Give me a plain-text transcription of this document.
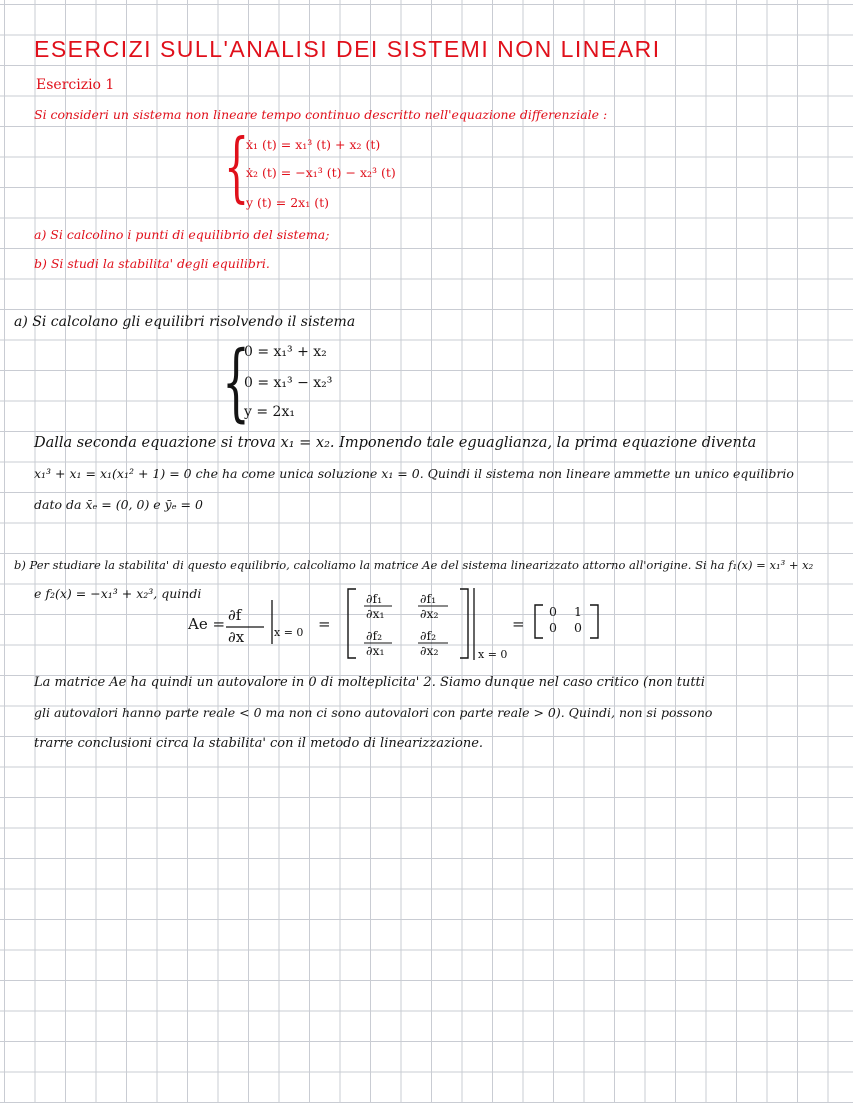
ESERCIZI SULL'ANALISI DEI SISTEMI NON LINEARI
Esercizio 1
Si consideri un sistema non lineare tempo continuo descritto nell'equazione differenziale :
{
ẋ₁ (t) = x₁³ (t) + x₂ (t)
ẋ₂ (t) = −x₁³ (t) − x₂³ (t)
y (t) = 2x₁ (t)
a) Si calcolino i punti di equilibrio del sistema;
b) Si studi la stabilita' degli equilibri.
a) Si calcolano gli equilibri risolvendo il sistema
{
0 = x₁³ + x₂
0 = x₁³ − x₂³
y = 2x₁
Dalla seconda equazione si trova x₁ = x₂. Imponendo tale eguaglianza, la prima equazione diventa
x₁³ + x₁ = x₁(x₁² + 1) = 0 che ha come unica soluzione x₁ = 0. Quindi il sistema non lineare ammette un unico equilibrio
dato da x̄ₑ = (0, 0) e ȳₑ = 0
b) Per studiare la stabilita' di questo equilibrio, calcoliamo la matrice Ae del sistema linearizzato attorno all'origine. Si ha f₁(x) = x₁³ + x₂
e f₂(x) = −x₁³ + x₂³, quindi
Ae = ∂f
∂x	x = 0 =
x = 0
∂f₁
∂x₁
∂f₁
∂x₂
∂f₂
∂x₁
∂f₂
∂x₂
=
0 1
0 0
La matrice Ae ha quindi un autovalore in 0 di molteplicita' 2. Siamo dunque nel caso critico (non tutti
gli autovalori hanno parte reale < 0 ma non ci sono autovalori con parte reale > 0). Quindi, non si possono
trarre conclusioni circa la stabilita' con il metodo di linearizzazione.
